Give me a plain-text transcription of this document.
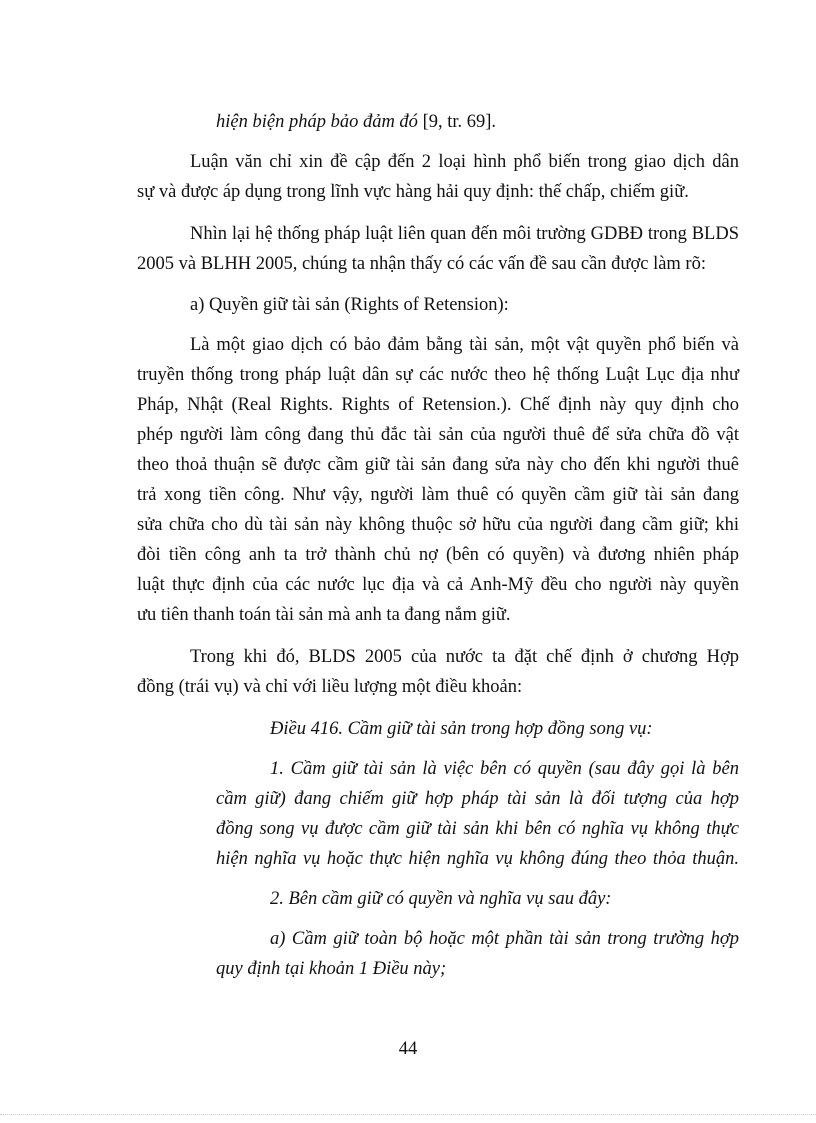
hiện biện pháp bảo đảm đó [9, tr. 69].
Luận văn chỉ xin đề cập đến 2 loại hình phổ biến trong giao dịch dân
sự và được áp dụng trong lĩnh vực hàng hải quy định: thế chấp, chiếm giữ.
Nhìn lại hệ thống pháp luật liên quan đến môi trường GDBĐ trong BLDS
2005 và BLHH 2005, chúng ta nhận thấy có các vấn đề sau cần được làm rõ:
a) Quyền giữ tài sản (Rights of Retension):
Là một giao dịch có bảo đảm bằng tài sản, một vật quyền phổ biến và
truyền thống trong pháp luật dân sự các nước theo hệ thống Luật Lục địa như
Pháp, Nhật (Real Rights. Rights of Retension.). Chế định này quy định cho
phép người làm công đang thủ đắc tài sản của người thuê để sửa chữa đồ vật
theo thoả thuận sẽ được cầm giữ tài sản đang sửa này cho đến khi người thuê
trả xong tiền công. Như vậy, người làm thuê có quyền cầm giữ tài sản đang
sửa chữa cho dù tài sản này không thuộc sở hữu của người đang cầm giữ; khi
đòi tiền công anh ta trở thành chủ nợ (bên có quyền) và đương nhiên pháp
luật thực định của các nước lục địa và cả Anh-Mỹ đều cho người này quyền
ưu tiên thanh toán tài sản mà anh ta đang nắm giữ.
Trong khi đó, BLDS 2005 của nước ta đặt chế định ở chương Hợp
đồng (trái vụ) và chỉ với liều lượng một điều khoản:
Điều 416. Cầm giữ tài sản trong hợp đồng song vụ:
1. Cầm giữ tài sản là việc bên có quyền (sau đây gọi là bên
cầm giữ) đang chiếm giữ hợp pháp tài sản là đối tượng của hợp
đồng song vụ được cầm giữ tài sản khi bên có nghĩa vụ không thực
hiện nghĩa vụ hoặc thực hiện nghĩa vụ không đúng theo thỏa thuận.
2. Bên cầm giữ có quyền và nghĩa vụ sau đây:
a) Cầm giữ toàn bộ hoặc một phần tài sản trong trường hợp
quy định tại khoản 1 Điều này;
44
